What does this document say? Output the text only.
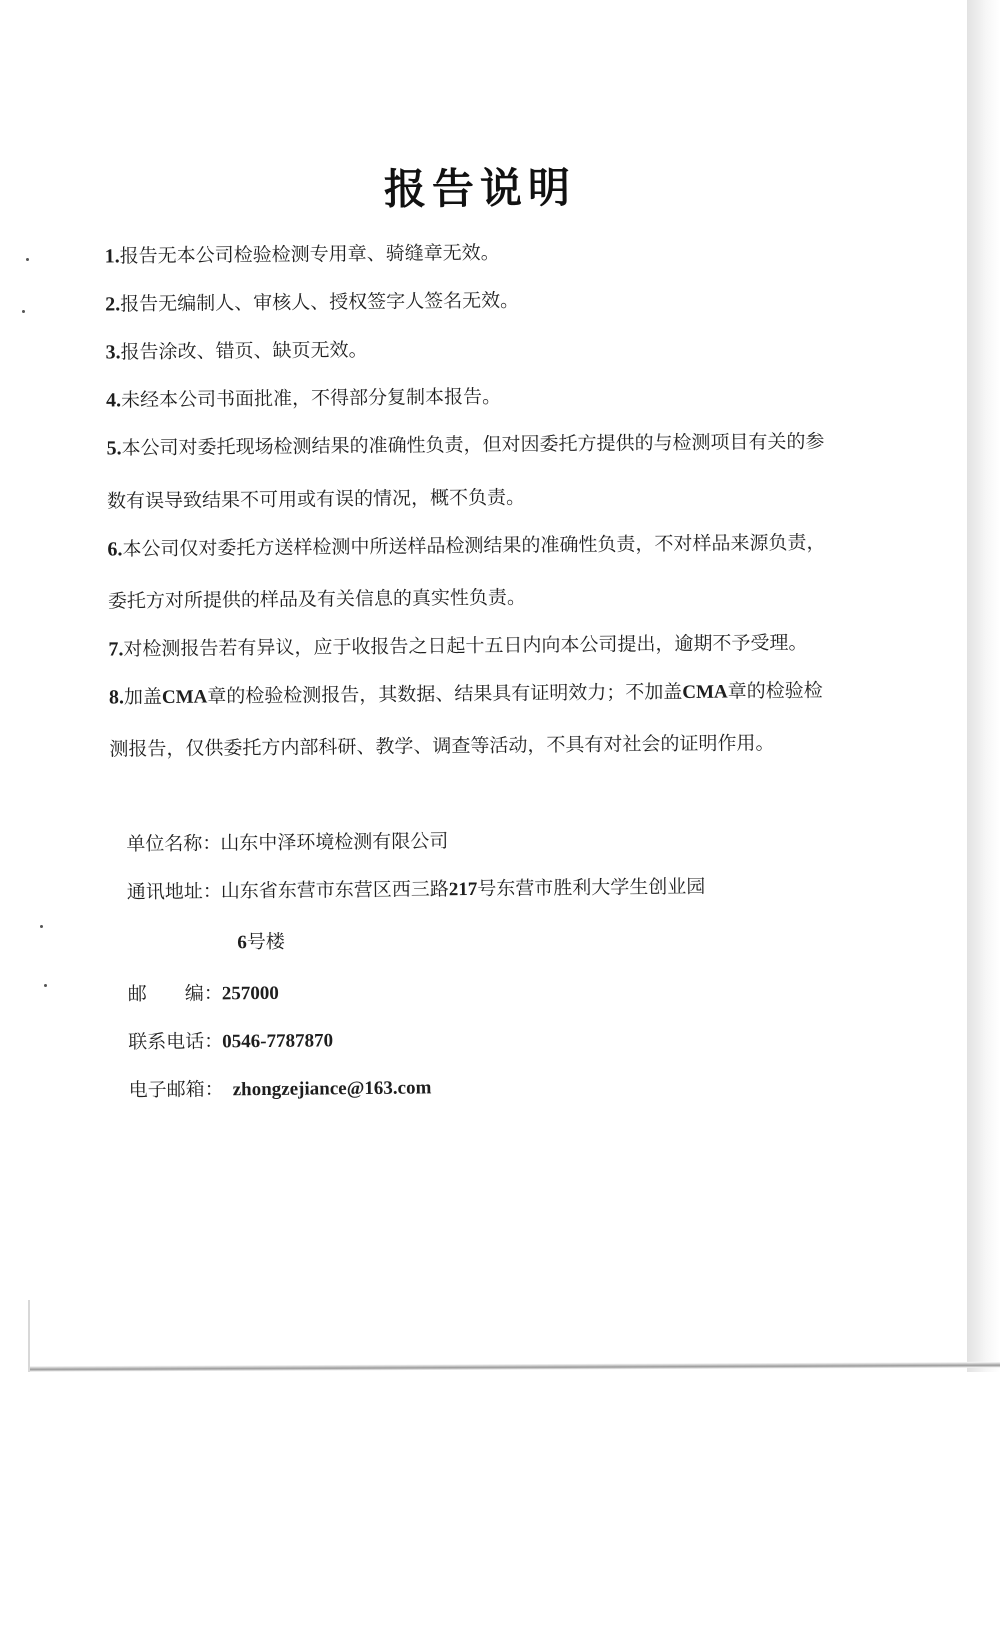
报告说明
1.报告无本公司检验检测专用章、骑缝章无效。
2.报告无编制人、审核人、授权签字人签名无效。
3.报告涂改、错页、缺页无效。
4.未经本公司书面批准，不得部分复制本报告。
5.本公司对委托现场检测结果的准确性负责，但对因委托方提供的与检测项目有关的参
数有误导致结果不可用或有误的情况，概不负责。
6.本公司仅对委托方送样检测中所送样品检测结果的准确性负责，不对样品来源负责，
委托方对所提供的样品及有关信息的真实性负责。
7.对检测报告若有异议，应于收报告之日起十五日内向本公司提出，逾期不予受理。
8.加盖CMA章的检验检测报告，其数据、结果具有证明效力；不加盖CMA章的检验检
测报告，仅供委托方内部科研、教学、调查等活动，不具有对社会的证明作用。
单位名称：山东中泽环境检测有限公司
通讯地址：山东省东营市东营区西三路217号东营市胜利大学生创业园
6号楼
邮　　编：257000
联系电话：0546-7787870
电子邮箱： zhongzejiance@163.com
